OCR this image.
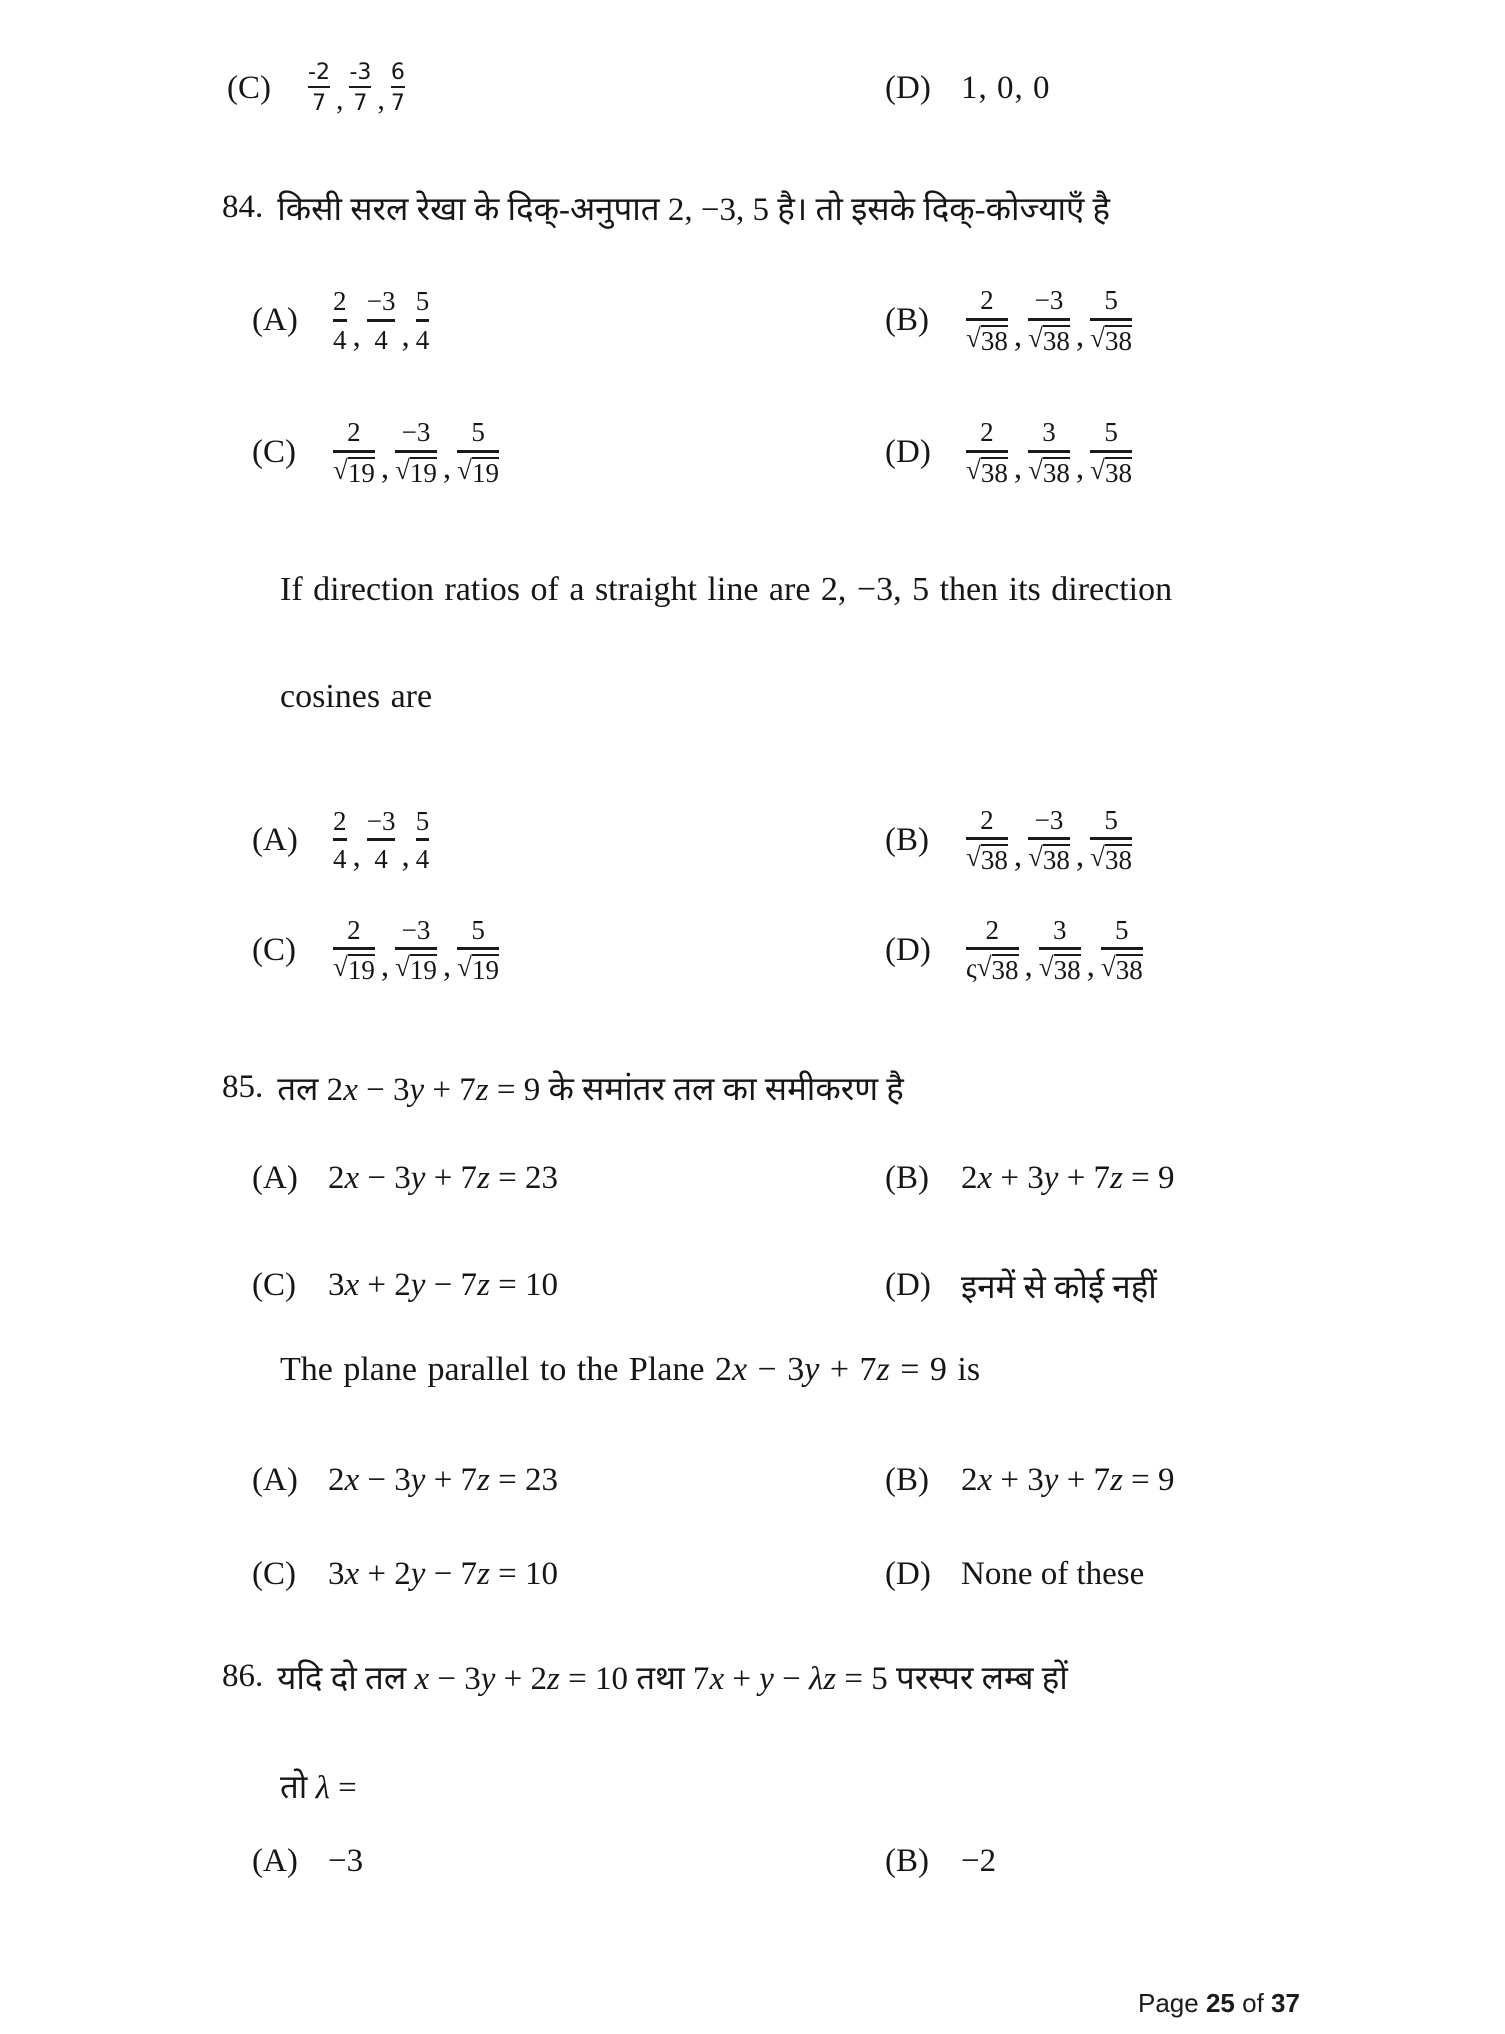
(C)	$\frac{-2}{7}$ , $\frac{-3}{7}$ , $\frac{6}{7}$	(D) 1, 0, 0
84. किसी सरल रेखा के दिक्-अनुपात 2, −3, 5 है। तो इसके दिक्-कोज्याएँ है
(A)	$\frac{2}{4}$ , $\frac{-3}{4}$ , $\frac{5}{4}$	(B)	$\frac{2}{√ 38}$ , $\frac{-3}{√ 38}$ , $\frac{5}{√ 38}$
(C)	$\frac{2}{√ 19}$ , $\frac{-3}{√ 19}$ , $\frac{5}{√ 19}$	(D)	$\frac{2}{√ 38}$ , $\frac{3}{√ 38}$ , $\frac{5}{√ 38}$
If direction ratios of a straight line are 2, −3, 5 then its direction
cosines are
(A)	$\frac{2}{4}$ , $\frac{-3}{4}$ , $\frac{5}{4}$	(B)	$\frac{2}{√ 38}$ , $\frac{-3}{√ 38}$ , $\frac{5}{√ 38}$
(C)	$\frac{2}{√ 19}$ , $\frac{-3}{√ 19}$ , $\frac{5}{√ 19}$	(D)	$\frac{2}{\varsigma √ 38}$ , $\frac{3}{√ 38}$ , $\frac{5}{√ 38}$
85. तल 2x − 3y + 7z = 9 के समांतर तल का समीकरण है
(A) 2x − 3y + 7z = 23	(B) 2x + 3y + 7z = 9
(C) 3x + 2y − 7z = 10	(D) इनमें से कोई नहीं
The plane parallel to the Plane 2x − 3y + 7z = 9 is
(A) 2x − 3y + 7z = 23	(B) 2x + 3y + 7z = 9
(C) 3x + 2y − 7z = 10	(D) None of these
86. यदि दो तल x − 3y + 2z = 10 तथा 7x + y − λz = 5 परस्पर लम्ब हों
तो λ =
(A) −3	(B) −2
Page 25 of 37
